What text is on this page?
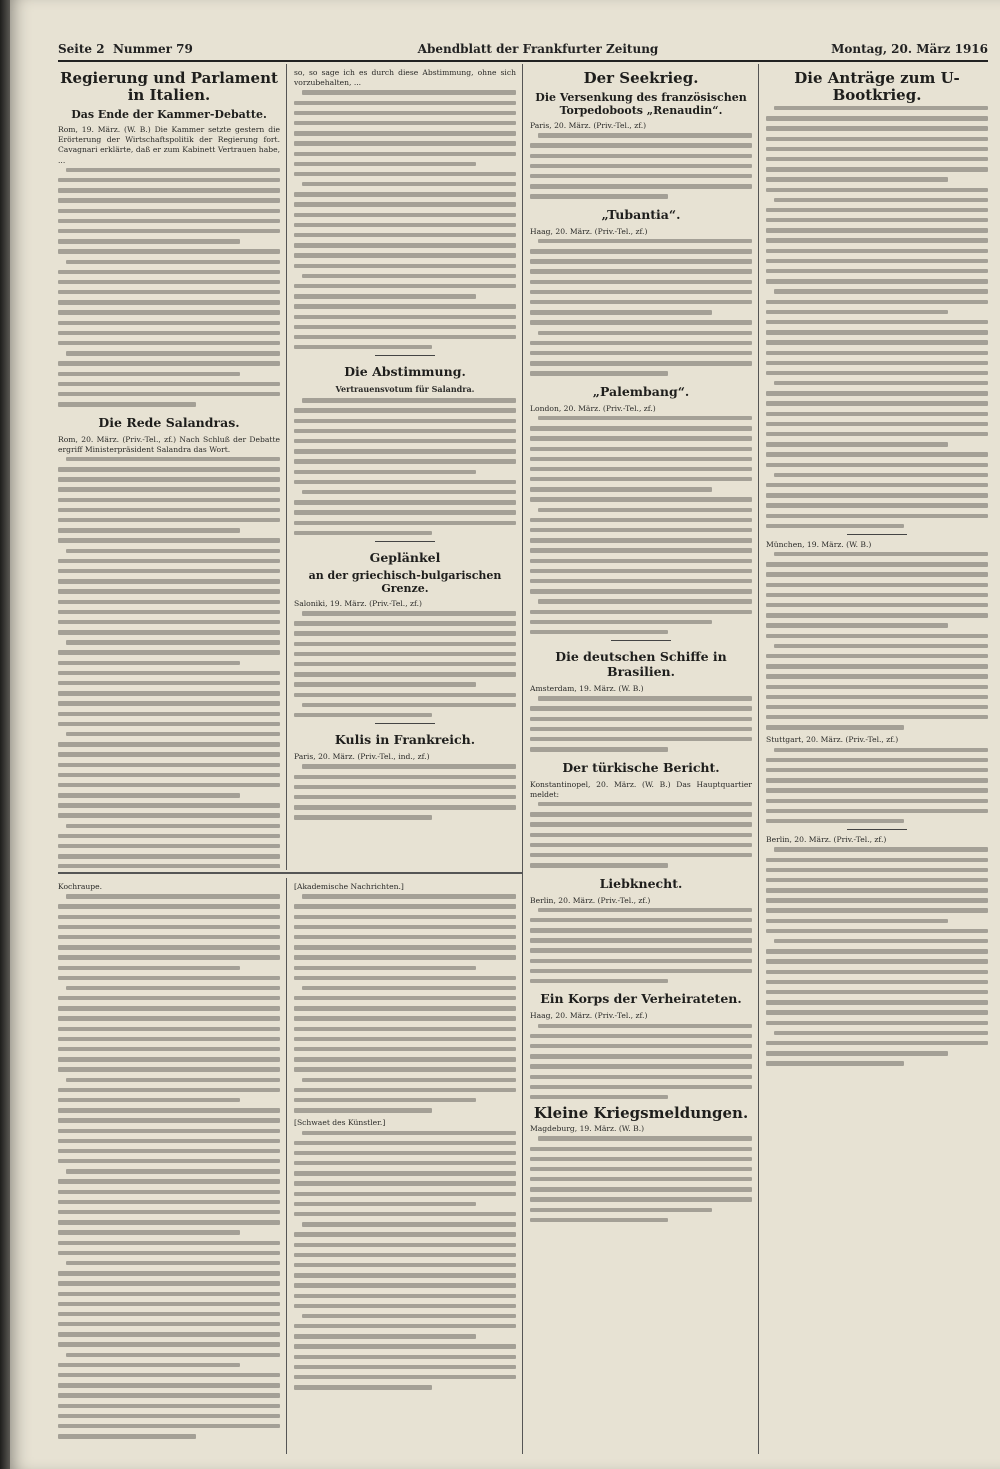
Seite 2 Nummer 79	Abendblatt der Frankfurter Zeitung	Montag, 20. März 1916
Regierung und Parlament in Italien.
Das Ende der Kammer-Debatte.
Rom, 19. März. (W. B.) Die Kammer setzte gestern die Erörterung der Wirtschaftspolitik der Regierung fort. Cavagnari erklärte, daß er zum Kabinett Vertrauen habe, ...
Die Rede Salandras.
Rom, 20. März. (Priv.-Tel., zf.) Nach Schluß der Debatte ergriff Ministerpräsident Salandra das Wort.
so, so sage ich es durch diese Abstimmung, ohne sich vorzubehalten, ...
Die Abstimmung.
Vertrauensvotum für Salandra.
Geplänkel
an der griechisch-bulgarischen Grenze.
Saloniki, 19. März. (Priv.-Tel., zf.)
Kulis in Frankreich.
Paris, 20. März. (Priv.-Tel., ind., zf.)
Der Seekrieg.
Die Versenkung des französischen Torpedoboots „Renaudin“.
Paris, 20. März. (Priv.-Tel., zf.)
„Tubantia“.
Haag, 20. März. (Priv.-Tel., zf.)
„Palembang“.
London, 20. März. (Priv.-Tel., zf.)
Die deutschen Schiffe in Brasilien.
Amsterdam, 19. März. (W. B.)
Der türkische Bericht.
Konstantinopel, 20. März. (W. B.) Das Hauptquartier meldet:
Liebknecht.
Berlin, 20. März. (Priv.-Tel., zf.)
Ein Korps der Verheirateten.
Haag, 20. März. (Priv.-Tel., zf.)
Kleine Kriegsmeldungen.
Magdeburg, 19. März. (W. B.)
Die Anträge zum U-Bootkrieg.
München, 19. März. (W. B.)
Stuttgart, 20. März. (Priv.-Tel., zf.)
Berlin, 20. März. (Priv.-Tel., zf.)
Kochraupe.	[Akademische Nachrichten.]
[Schwaet des Künstler.]
